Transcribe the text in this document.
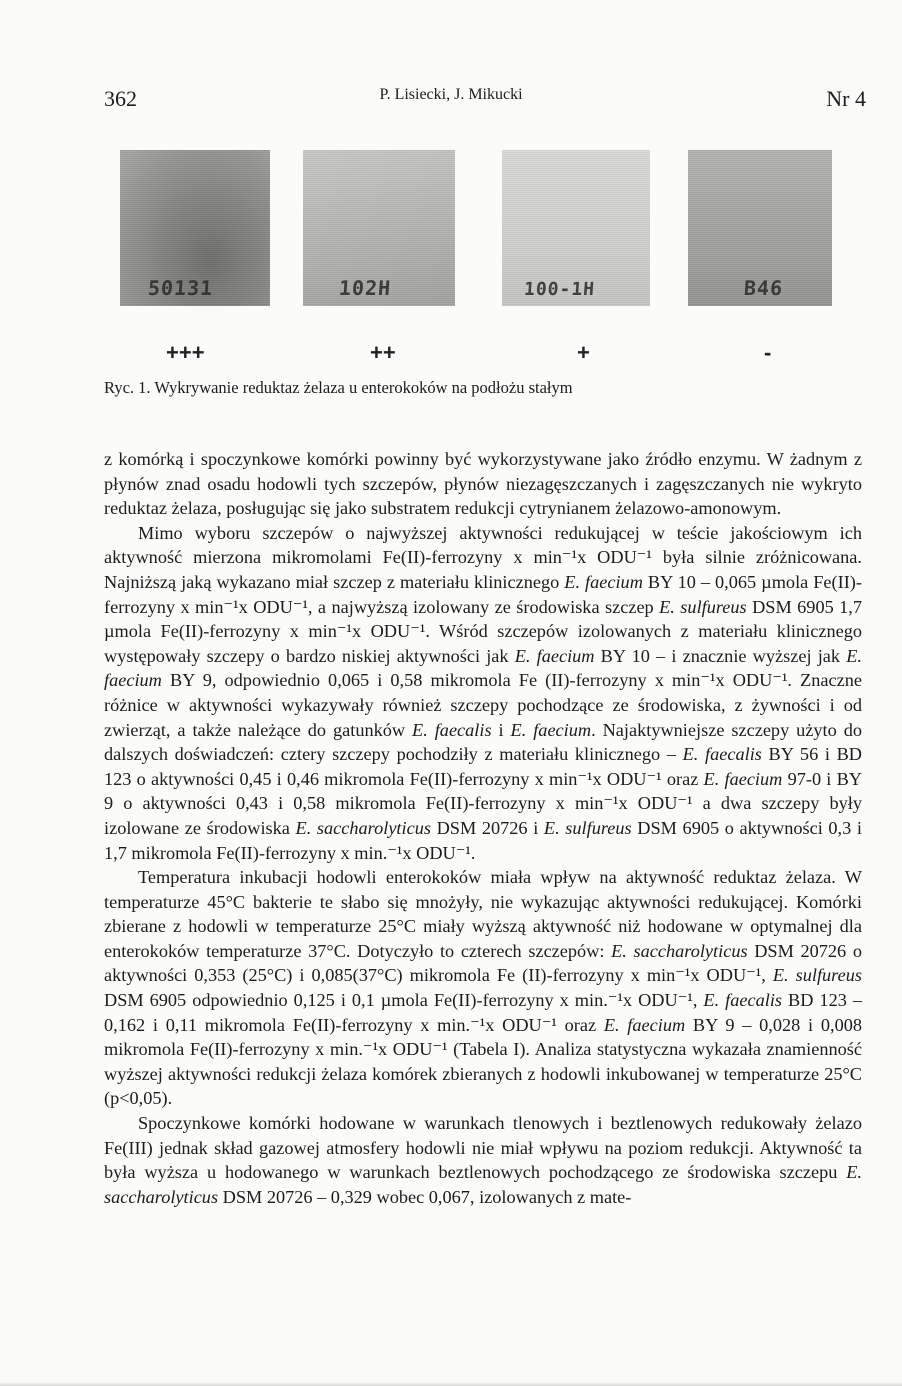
362	P. Lisiecki, J. Mikucki	Nr 4
50131	102H	100-1H	B46
+++	++	+	-
Ryc. 1. Wykrywanie reduktaz żelaza u enterokoków na podłożu stałym

z komórką i spoczynkowe komórki powinny być wykorzystywane jako źródło enzymu. W żadnym z płynów znad osadu hodowli tych szczepów, płynów niezagęszczanych i zagęszczanych nie wykryto reduktaz żelaza, posługując się jako substratem redukcji cytrynianem żelazowo-amonowym.

Mimo wyboru szczepów o najwyższej aktywności redukującej w teście jakościowym ich aktywność mierzona mikromolami Fe(II)-ferrozyny x min⁻¹x ODU⁻¹ była silnie zróżnicowana. Najniższą jaką wykazano miał szczep z materiału klinicznego E. faecium BY 10 – 0,065 µmola Fe(II)-ferrozyny x min⁻¹x ODU⁻¹, a najwyższą izolowany ze środowiska szczep E. sulfureus DSM 6905 1,7 µmola Fe(II)-ferrozyny x min⁻¹x ODU⁻¹. Wśród szczepów izolowanych z materiału klinicznego występowały szczepy o bardzo niskiej aktywności jak E. faecium BY 10 – i znacznie wyższej jak E. faecium BY 9, odpowiednio 0,065 i 0,58 mikromola Fe (II)-ferrozyny x min⁻¹x ODU⁻¹. Znaczne różnice w aktywności wykazywały również szczepy pochodzące ze środowiska, z żywności i od zwierząt, a także należące do gatunków E. faecalis i E. faecium. Najaktywniejsze szczepy użyto do dalszych doświadczeń: cztery szczepy pochodziły z materiału klinicznego – E. faecalis BY 56 i BD 123 o aktywności 0,45 i 0,46 mikromola Fe(II)-ferrozyny x min⁻¹x ODU⁻¹ oraz E. faecium 97-0 i BY 9 o aktywności 0,43 i 0,58 mikromola Fe(II)-ferrozyny x min⁻¹x ODU⁻¹ a dwa szczepy były izolowane ze środowiska E. saccharolyticus DSM 20726 i E. sulfureus DSM 6905 o aktywności 0,3 i 1,7 mikromola Fe(II)-ferrozyny x min.⁻¹x ODU⁻¹.

Temperatura inkubacji hodowli enterokoków miała wpływ na aktywność reduktaz żelaza. W temperaturze 45°C bakterie te słabo się mnożyły, nie wykazując aktywności redukującej. Komórki zbierane z hodowli w temperaturze 25°C miały wyższą aktywność niż hodowane w optymalnej dla enterokoków temperaturze 37°C. Dotyczyło to czterech szczepów: E. saccharolyticus DSM 20726 o aktywności 0,353 (25°C) i 0,085(37°C) mikromola Fe (II)-ferrozyny x min⁻¹x ODU⁻¹, E. sulfureus DSM 6905 odpowiednio 0,125 i 0,1 µmola Fe(II)-ferrozyny x min.⁻¹x ODU⁻¹, E. faecalis BD 123 – 0,162 i 0,11 mikromola Fe(II)-ferrozyny x min.⁻¹x ODU⁻¹ oraz E. faecium BY 9 – 0,028 i 0,008 mikromola Fe(II)-ferrozyny x min.⁻¹x ODU⁻¹ (Tabela I). Analiza statystyczna wykazała znamienność wyższej aktywności redukcji żelaza komórek zbieranych z hodowli inkubowanej w temperaturze 25°C (p<0,05).

Spoczynkowe komórki hodowane w warunkach tlenowych i beztlenowych redukowały żelazo Fe(III) jednak skład gazowej atmosfery hodowli nie miał wpływu na poziom redukcji. Aktywność ta była wyższa u hodowanego w warunkach beztlenowych pochodzącego ze środowiska szczepu E. saccharolyticus DSM 20726 – 0,329 wobec 0,067, izolowanych z mate-
